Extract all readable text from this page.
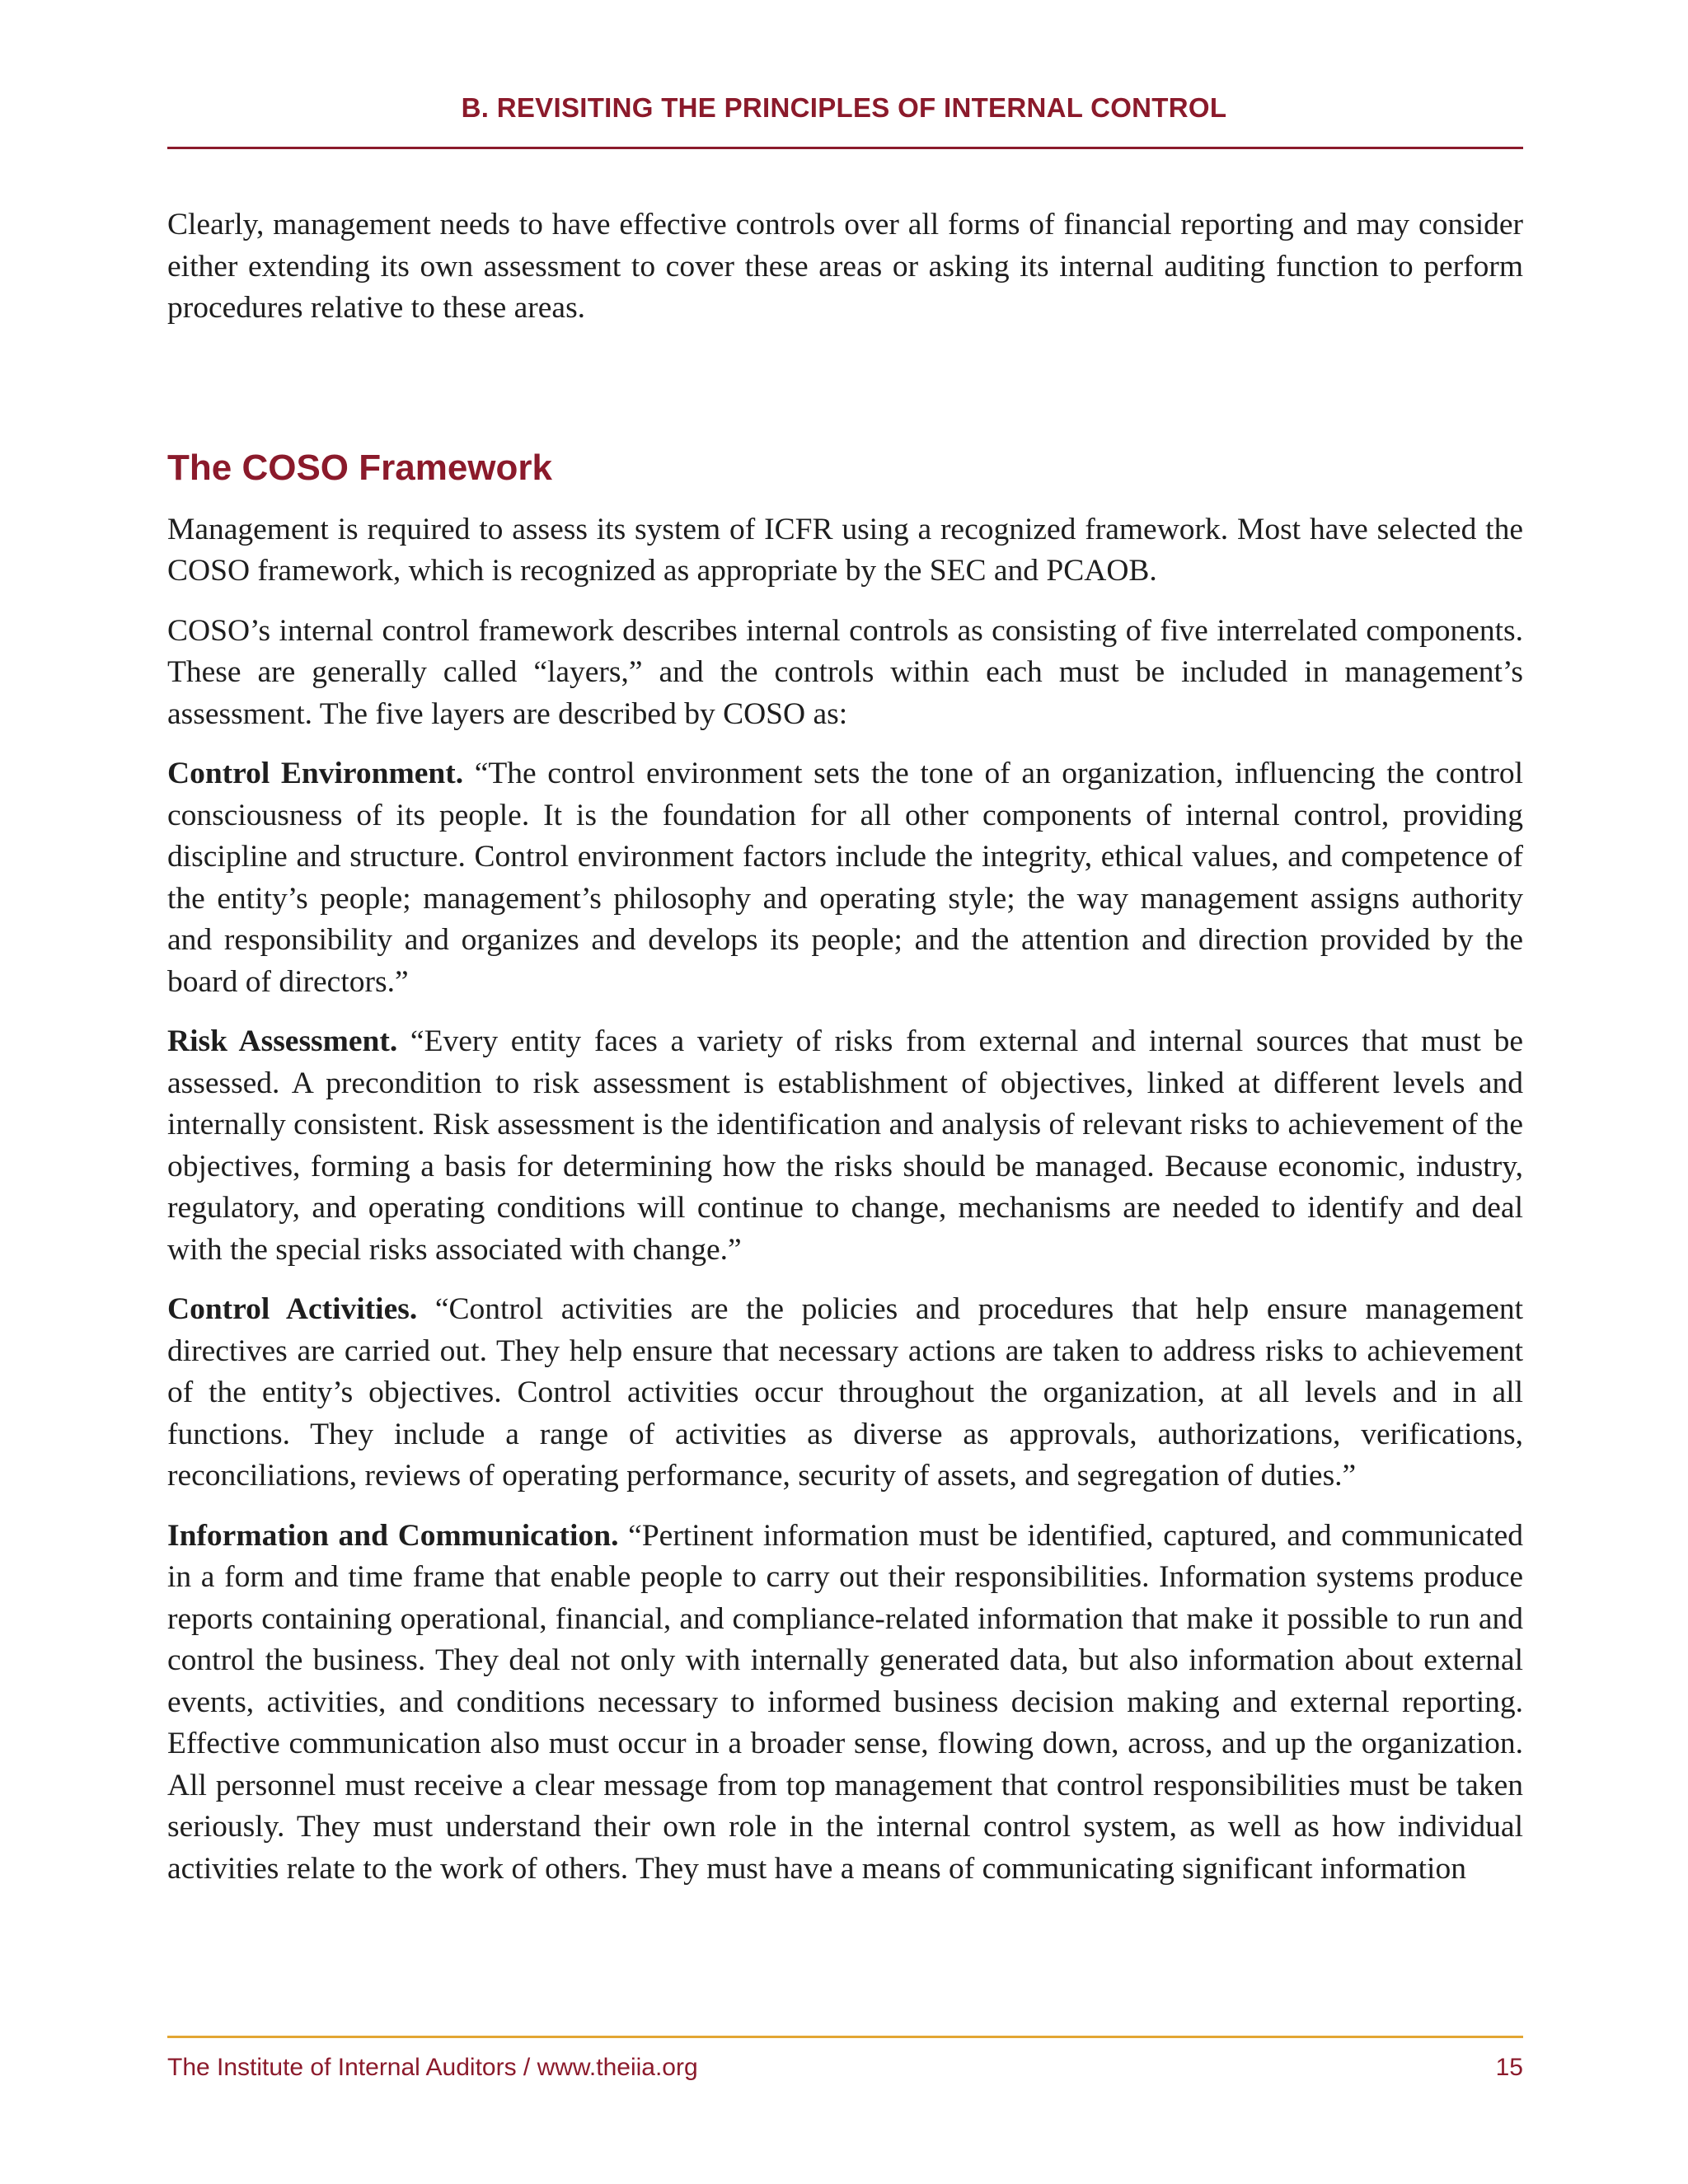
B. REVISITING THE PRINCIPLES OF INTERNAL CONTROL

Clearly, management needs to have effective controls over all forms of financial reporting and may consider either extending its own assessment to cover these areas or asking its internal auditing function to perform procedures relative to these areas.

The COSO Framework

Management is required to assess its system of ICFR using a recognized framework. Most have selected the COSO framework, which is recognized as appropriate by the SEC and PCAOB.

COSO’s internal control framework describes internal controls as consisting of five interrelated components. These are generally called “layers,” and the controls within each must be included in management’s assessment. The five layers are described by COSO as:

Control Environment. “The control environment sets the tone of an organization, influencing the control consciousness of its people. It is the foundation for all other components of internal control, providing discipline and structure. Control environment factors include the integrity, ethical values, and competence of the entity’s people; management’s philosophy and operating style; the way management assigns authority and responsibility and organizes and develops its people; and the attention and direction provided by the board of directors.”

Risk Assessment. “Every entity faces a variety of risks from external and internal sources that must be assessed. A precondition to risk assessment is establishment of objectives, linked at different levels and internally consistent. Risk assessment is the identification and analysis of relevant risks to achievement of the objectives, forming a basis for determining how the risks should be managed. Because economic, industry, regulatory, and operating conditions will continue to change, mechanisms are needed to identify and deal with the special risks associated with change.”

Control Activities. “Control activities are the policies and procedures that help ensure management directives are carried out. They help ensure that necessary actions are taken to address risks to achievement of the entity’s objectives. Control activities occur throughout the organization, at all levels and in all functions. They include a range of activities as diverse as approvals, authorizations, verifications, reconciliations, reviews of operating performance, security of assets, and segregation of duties.”

Information and Communication. “Pertinent information must be identified, captured, and communicated in a form and time frame that enable people to carry out their responsibilities. Information systems produce reports containing operational, financial, and compliance-related information that make it possible to run and control the business. They deal not only with internally generated data, but also information about external events, activities, and conditions necessary to informed business decision making and external reporting. Effective communication also must occur in a broader sense, flowing down, across, and up the organization. All personnel must receive a clear message from top management that control responsibilities must be taken seriously. They must understand their own role in the internal control system, as well as how individual activities relate to the work of others. They must have a means of communicating significant information

The Institute of Internal Auditors / www.theiia.org	15
